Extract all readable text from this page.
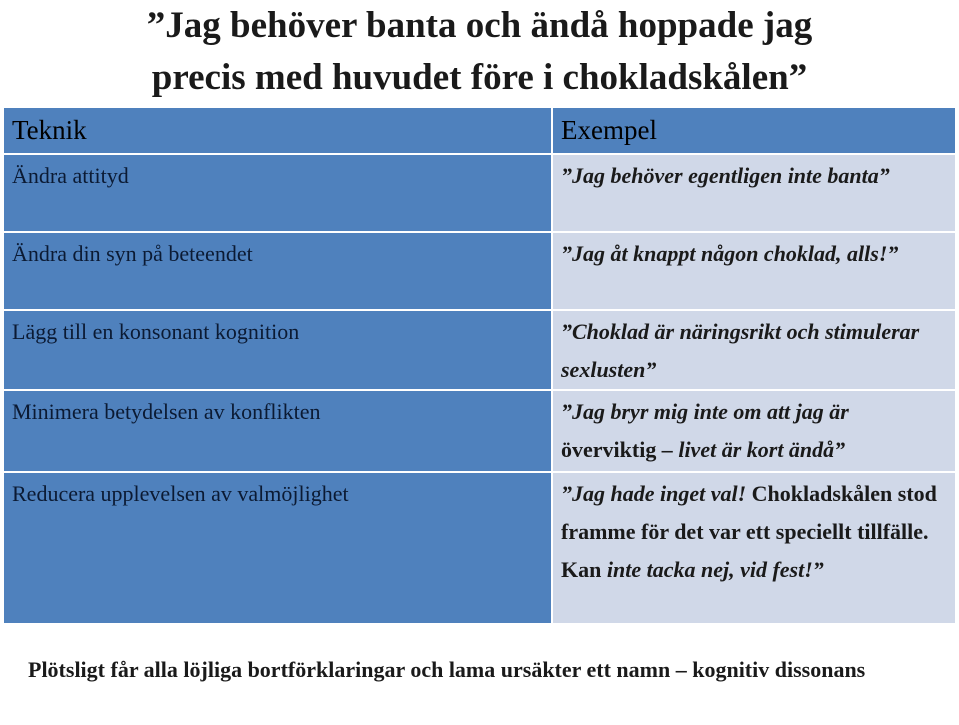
”Jag behöver banta och ändå hoppade jag
precis med huvudet före i chokladskålen”
Teknik	Exempel
Ändra attityd	”Jag behöver egentligen inte banta”
Ändra din syn på beteendet	”Jag åt knappt någon choklad, alls!”
Lägg till en konsonant kognition	”Choklad är näringsrikt och stimulerar sexlusten”
Minimera betydelsen av konflikten	”Jag bryr mig inte om att jag är överviktig – livet är kort ändå”
Reducera upplevelsen av valmöjlighet	”Jag hade inget val! Chokladskålen stod framme för det var ett speciellt tillfälle. Kan inte tacka nej, vid fest!”

Plötsligt får alla löjliga bortförklaringar och lama ursäkter ett namn – kognitiv dissonans
